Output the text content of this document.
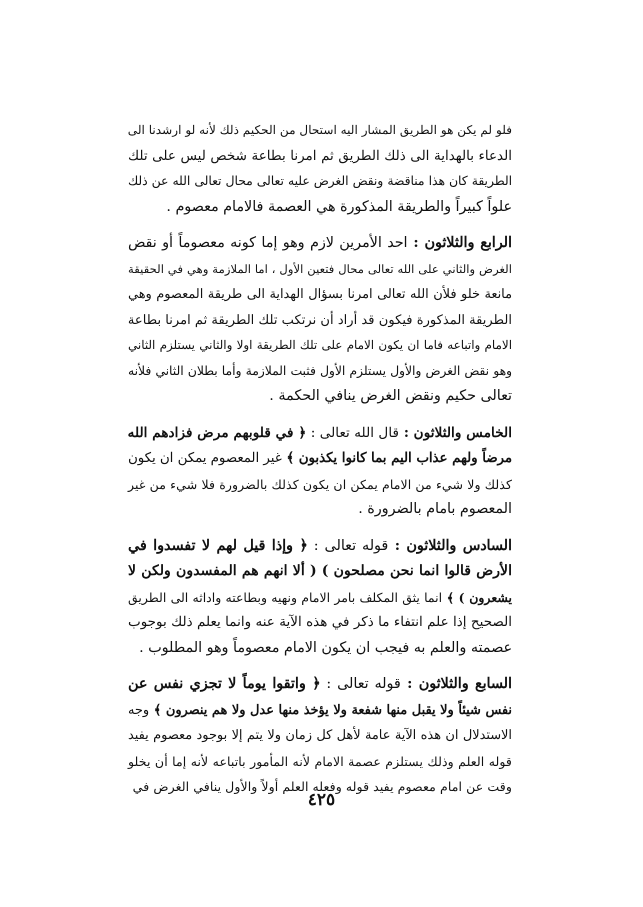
فلو لم يكن هو الطريق المشار اليه استحال من الحكيم ذلك لأنه لو ارشدنا الى
الدعاء بالهداية الى ذلك الطريق ثم امرنا بطاعة شخص ليس على تلك
الطريقة كان هذا مناقضة ونقض الغرض عليه تعالى محال تعالى الله عن ذلك
علواً كبيراً والطريقة المذكورة هي العصمة فالامام معصوم .
الرابع والثلاثون : احد الأمرين لازم وهو إما كونه معصوماً أو نقض
الغرض والثاني على الله تعالى محال فتعين الأول ، اما الملازمة وهي في الحقيقة
مانعة خلو فلأن الله تعالى امرنا بسؤال الهداية الى طريقة المعصوم وهي
الطريقة المذكورة فيكون قد أراد أن نرتكب تلك الطريقة ثم امرنا بطاعة
الامام واتباعه فاما ان يكون الامام على تلك الطريقة اولا والثاني يستلزم الثاني
وهو نقض الغرض والأول يستلزم الأول فثبت الملازمة وأما بطلان الثاني فلأنه
تعالى حكيم ونقض الغرض ينافي الحكمة .
الخامس والثلاثون : قال الله تعالى : ﴿ في قلوبهم مرض فزادهم الله
مرضاً ولهم عذاب اليم بما كانوا يكذبون ﴾ غير المعصوم يمكن ان يكون
كذلك ولا شيء من الامام يمكن ان يكون كذلك بالضرورة فلا شيء من غير
المعصوم بامام بالضرورة .
السادس والثلاثون : قوله تعالى : ﴿ وإذا قيل لهم لا تفسدوا في
الأرض قالوا انما نحن مصلحون ) ( ألا انهم هم المفسدون ولكن لا
يشعرون ) ﴾ انما يثق المكلف بامر الامام ونهيه وبطاعته واداثه الى الطريق
الصحيح إذا علم انتفاء ما ذكر في هذه الآية عنه وانما يعلم ذلك بوجوب
عصمته والعلم به فيجب ان يكون الامام معصوماً وهو المطلوب .
السابع والثلاثون : قوله تعالى : ﴿ واتقوا يوماً لا تجزي نفس عن
نفس شيئاً ولا يقبل منها شفعة ولا يؤخذ منها عدل ولا هم ينصرون ﴾ وجه
الاستدلال ان هذه الآية عامة لأهل كل زمان ولا يتم إلا بوجود معصوم يفيد
قوله العلم وذلك يستلزم عصمة الامام لأنه المأمور باتباعه لأنه إما أن يخلو
وقت عن امام معصوم يفيد قوله وفعله العلم أولاً والأول ينافي الغرض في
٤٢٥
